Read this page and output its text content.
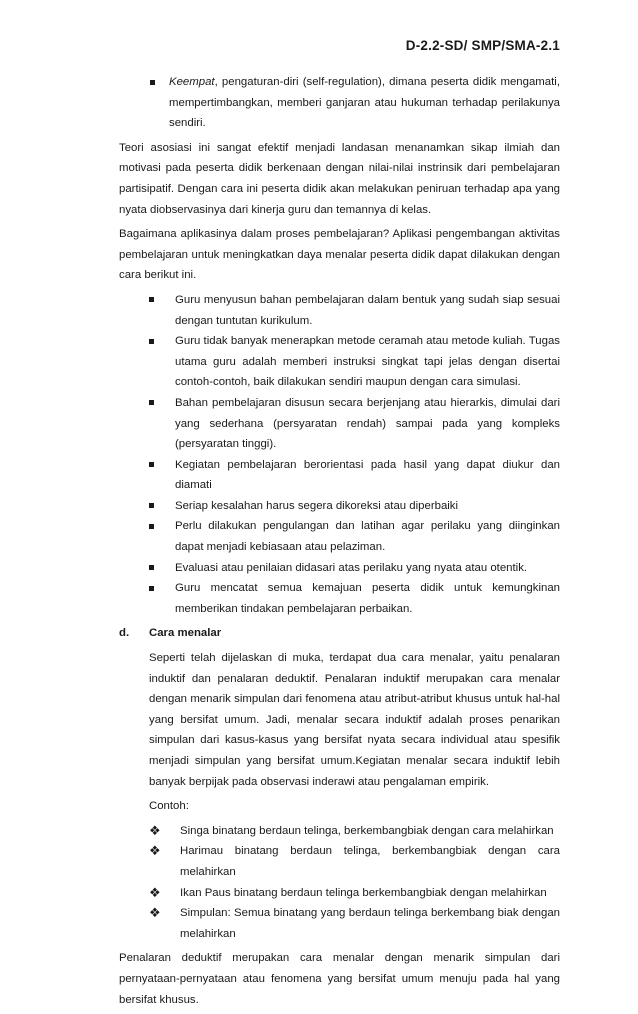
D-2.2-SD/ SMP/SMA-2.1
Keempat, pengaturan-diri (self-regulation), dimana peserta didik mengamati, mempertimbangkan, memberi ganjaran atau hukuman terhadap perilakunya sendiri.

Teori asosiasi ini sangat efektif menjadi landasan menanamkan sikap ilmiah dan motivasi pada peserta didik berkenaan dengan nilai-nilai instrinsik dari pembelajaran partisipatif. Dengan cara ini peserta didik akan melakukan peniruan terhadap apa yang nyata diobservasinya dari kinerja guru dan temannya di kelas.

Bagaimana aplikasinya dalam proses pembelajaran? Aplikasi pengembangan aktivitas pembelajaran untuk meningkatkan daya menalar peserta didik dapat dilakukan dengan cara berikut ini.

Guru menyusun bahan pembelajaran dalam bentuk yang sudah siap sesuai dengan tuntutan kurikulum.
Guru tidak banyak menerapkan metode ceramah atau metode kuliah. Tugas utama guru adalah memberi instruksi singkat tapi jelas dengan disertai contoh-contoh, baik dilakukan sendiri maupun dengan cara simulasi.
Bahan pembelajaran disusun secara berjenjang atau hierarkis, dimulai dari yang sederhana (persyaratan rendah) sampai pada yang kompleks (persyaratan tinggi).
Kegiatan pembelajaran berorientasi pada hasil yang dapat diukur dan diamati
Seriap kesalahan harus segera dikoreksi atau diperbaiki
Perlu dilakukan pengulangan dan latihan agar perilaku yang diinginkan dapat menjadi kebiasaan atau pelaziman.
Evaluasi atau penilaian didasari atas perilaku yang nyata atau otentik.
Guru mencatat semua kemajuan peserta didik untuk kemungkinan memberikan tindakan pembelajaran perbaikan.
d. Cara menalar

Seperti telah dijelaskan di muka, terdapat dua cara menalar, yaitu penalaran induktif dan penalaran deduktif. Penalaran induktif merupakan cara menalar dengan menarik simpulan dari fenomena atau atribut-atribut khusus untuk hal-hal yang bersifat umum. Jadi, menalar secara induktif adalah proses penarikan simpulan dari kasus-kasus yang bersifat nyata secara individual atau spesifik menjadi simpulan yang bersifat umum.Kegiatan menalar secara induktif lebih banyak berpijak pada observasi inderawi atau pengalaman empirik.

Contoh:

❖ Singa binatang berdaun telinga, berkembangbiak dengan cara melahirkan
❖ Harimau binatang berdaun telinga, berkembangbiak dengan cara melahirkan
❖ Ikan Paus binatang berdaun telinga berkembangbiak dengan melahirkan
❖ Simpulan: Semua binatang yang berdaun telinga berkembang biak dengan melahirkan

Penalaran deduktif merupakan cara menalar dengan menarik simpulan dari pernyataan-pernyataan atau fenomena yang bersifat umum menuju pada hal yang bersifat khusus.
